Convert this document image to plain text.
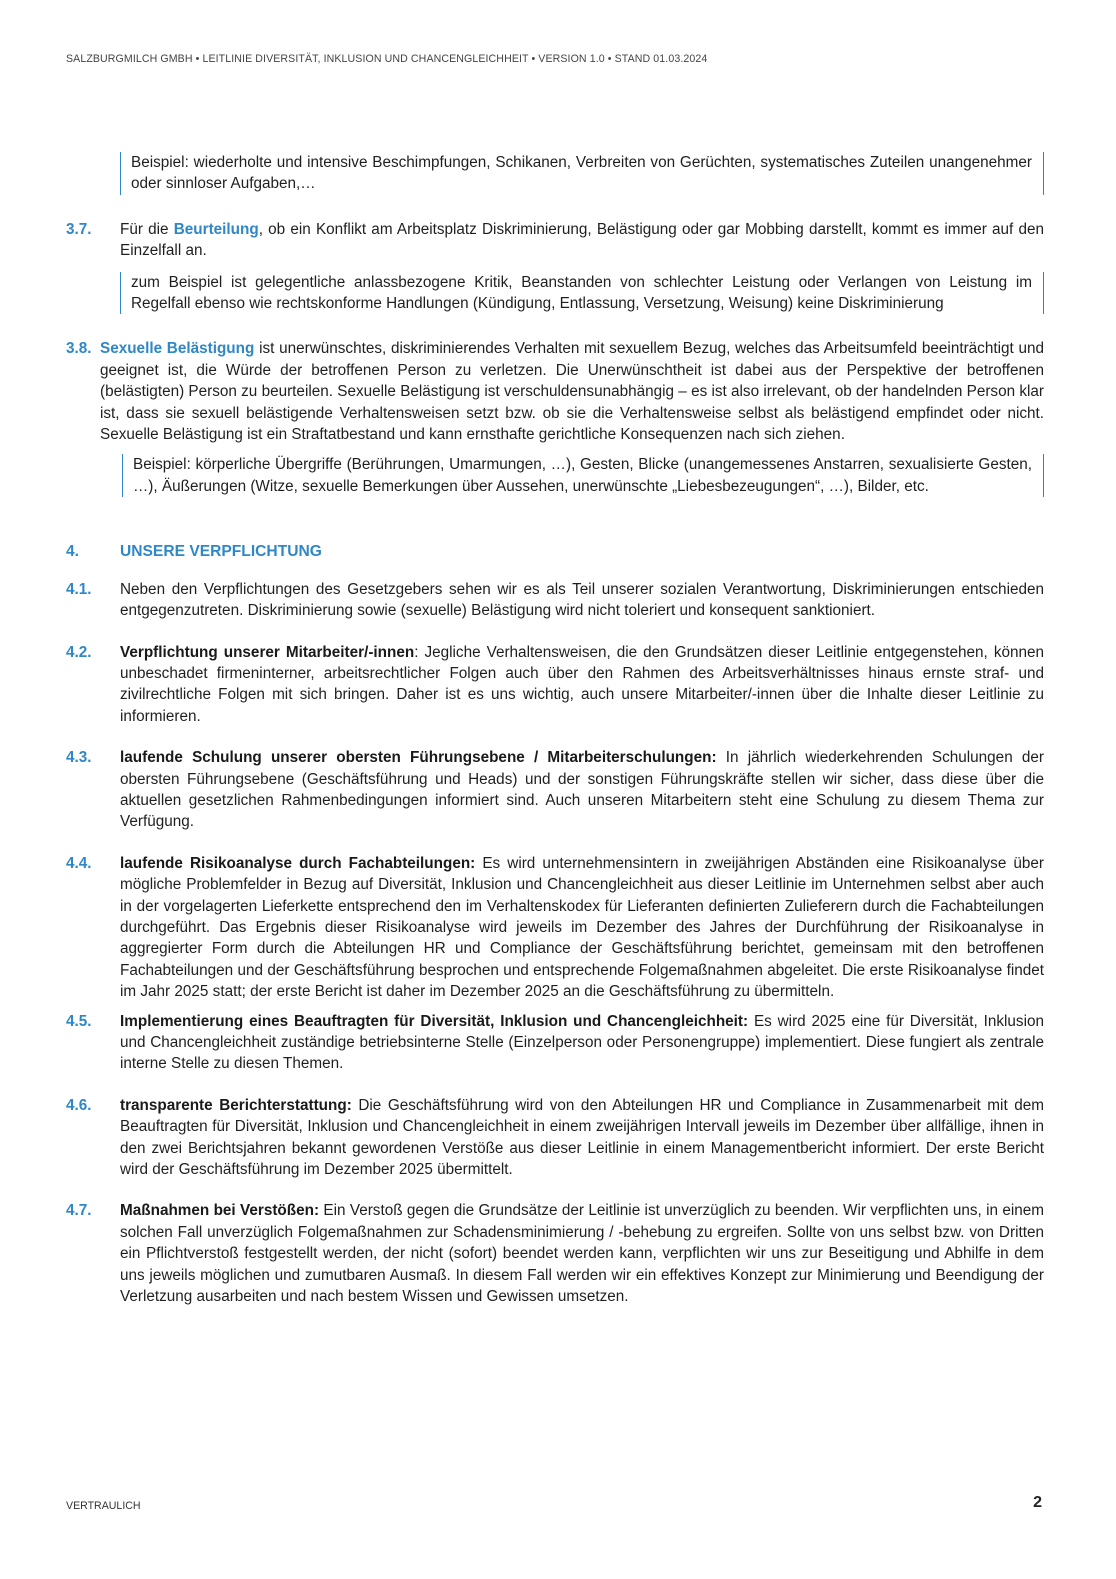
SALZBURGMILCH GMBH • LEITLINIE DIVERSITÄT, INKLUSION UND CHANCENGLEICHHEIT • VERSION 1.0 • STAND 01.03.2024
Beispiel: wiederholte und intensive Beschimpfungen, Schikanen, Verbreiten von Gerüchten, systematisches Zuteilen unangenehmer oder sinnloser Aufgaben,…
3.7.	Für die Beurteilung, ob ein Konflikt am Arbeitsplatz Diskriminierung, Belästigung oder gar Mobbing darstellt, kommt es immer auf den Einzelfall an.
zum Beispiel ist gelegentliche anlassbezogene Kritik, Beanstanden von schlechter Leistung oder Verlangen von Leistung im Regelfall ebenso wie rechtskonforme Handlungen (Kündigung, Entlassung, Versetzung, Weisung) keine Diskriminierung
3.8. Sexuelle Belästigung ist unerwünschtes, diskriminierendes Verhalten mit sexuellem Bezug, welches das Arbeitsumfeld beeinträchtigt und geeignet ist, die Würde der betroffenen Person zu verletzen. Die Unerwünschtheit ist dabei aus der Perspektive der betroffenen (belästigten) Person zu beurteilen. Sexuelle Belästigung ist verschuldensunabhängig – es ist also irrelevant, ob der handelnden Person klar ist, dass sie sexuell belästigende Verhaltensweisen setzt bzw. ob sie die Verhaltensweise selbst als belästigend empfindet oder nicht. Sexuelle Belästigung ist ein Straftatbestand und kann ernsthafte gerichtliche Konsequenzen nach sich ziehen.
Beispiel: körperliche Übergriffe (Berührungen, Umarmungen, …), Gesten, Blicke (unangemessenes Anstarren, sexualisierte Gesten, …), Äußerungen (Witze, sexuelle Bemerkungen über Aussehen, unerwünschte „Liebesbezeugungen“, …), Bilder, etc.
4.	UNSERE VERPFLICHTUNG
4.1.	Neben den Verpflichtungen des Gesetzgebers sehen wir es als Teil unserer sozialen Verantwortung, Diskriminierungen entschieden entgegenzutreten. Diskriminierung sowie (sexuelle) Belästigung wird nicht toleriert und konsequent sanktioniert.
4.2.	Verpflichtung unserer Mitarbeiter/-innen: Jegliche Verhaltensweisen, die den Grundsätzen dieser Leitlinie entgegenstehen, können unbeschadet firmeninterner, arbeitsrechtlicher Folgen auch über den Rahmen des Arbeitsverhältnisses hinaus ernste straf- und zivilrechtliche Folgen mit sich bringen. Daher ist es uns wichtig, auch unsere Mitarbeiter/-innen über die Inhalte dieser Leitlinie zu informieren.
4.3.	laufende Schulung unserer obersten Führungsebene / Mitarbeiterschulungen: In jährlich wiederkehrenden Schulungen der obersten Führungsebene (Geschäftsführung und Heads) und der sonstigen Führungskräfte stellen wir sicher, dass diese über die aktuellen gesetzlichen Rahmenbedingungen informiert sind. Auch unseren Mitarbeitern steht eine Schulung zu diesem Thema zur Verfügung.
4.4.	laufende Risikoanalyse durch Fachabteilungen: Es wird unternehmensintern in zweijährigen Abständen eine Risikoanalyse über mögliche Problemfelder in Bezug auf Diversität, Inklusion und Chancengleichheit aus dieser Leitlinie im Unternehmen selbst aber auch in der vorgelagerten Lieferkette entsprechend den im Verhaltenskodex für Lieferanten definierten Zulieferern durch die Fachabteilungen durchgeführt. Das Ergebnis dieser Risikoanalyse wird jeweils im Dezember des Jahres der Durchführung der Risikoanalyse in aggregierter Form durch die Abteilungen HR und Compliance der Geschäftsführung berichtet, gemeinsam mit den betroffenen Fachabteilungen und der Geschäftsführung besprochen und entsprechende Folgemaßnahmen abgeleitet. Die erste Risikoanalyse findet im Jahr 2025 statt; der erste Bericht ist daher im Dezember 2025 an die Geschäftsführung zu übermitteln.
4.5.	Implementierung eines Beauftragten für Diversität, Inklusion und Chancengleichheit: Es wird 2025 eine für Diversität, Inklusion und Chancengleichheit zuständige betriebsinterne Stelle (Einzelperson oder Personengruppe) implementiert. Diese fungiert als zentrale interne Stelle zu diesen Themen.
4.6.	transparente Berichterstattung: Die Geschäftsführung wird von den Abteilungen HR und Compliance in Zusammenarbeit mit dem Beauftragten für Diversität, Inklusion und Chancengleichheit in einem zweijährigen Intervall jeweils im Dezember über allfällige, ihnen in den zwei Berichtsjahren bekannt gewordenen Verstöße aus dieser Leitlinie in einem Managementbericht informiert. Der erste Bericht wird der Geschäftsführung im Dezember 2025 übermittelt.
4.7.	Maßnahmen bei Verstößen: Ein Verstoß gegen die Grundsätze der Leitlinie ist unverzüglich zu beenden. Wir verpflichten uns, in einem solchen Fall unverzüglich Folgemaßnahmen zur Schadensminimierung / -behebung zu ergreifen. Sollte von uns selbst bzw. von Dritten ein Pflichtverstoß festgestellt werden, der nicht (sofort) beendet werden kann, verpflichten wir uns zur Beseitigung und Abhilfe in dem uns jeweils möglichen und zumutbaren Ausmaß. In diesem Fall werden wir ein effektives Konzept zur Minimierung und Beendigung der Verletzung ausarbeiten und nach bestem Wissen und Gewissen umsetzen.
VERTRAULICH	2
